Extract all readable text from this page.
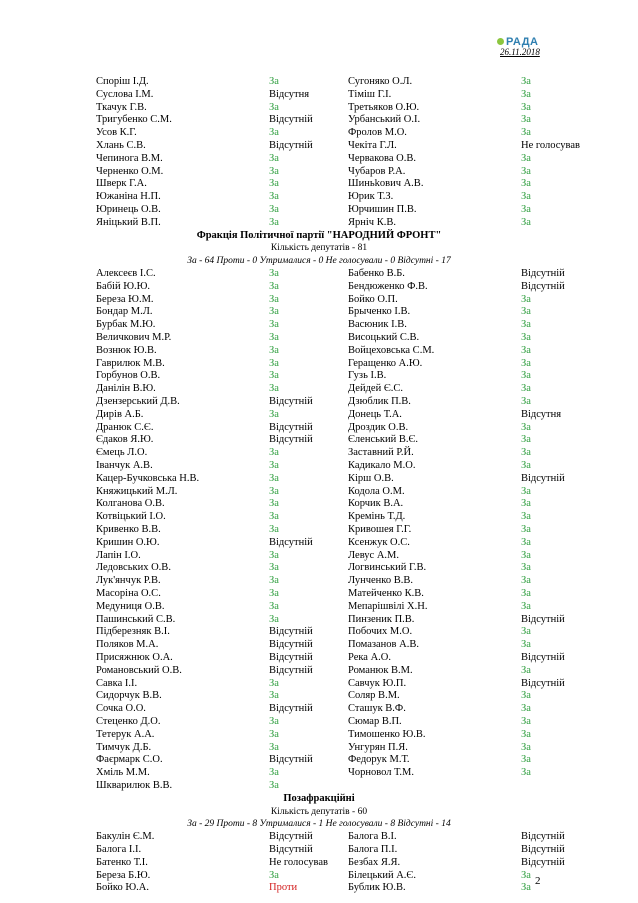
РАДА
26.11.2018
Споріш І.Д.	За	Сугоняко О.Л.	За
Суслова І.М.	Відсутня	Тіміш Г.І.	За
Ткачук Г.В.	За	Третьяков О.Ю.	За
Тригубенко С.М.	Відсутній	Урбанський О.І.	За
Усов К.Г.	За	Фролов М.О.	За
Хлань С.В.	Відсутній	Чекіта Г.Л.	Не голосував
Чепинога В.М.	За	Червакова О.В.	За
Черненко О.М.	За	Чубаров Р.А.	За
Шверк Г.А.	За	Шиньkович А.В.	За
Южаніна Н.П.	За	Юрик Т.З.	За
Юринець О.В.	За	Юрчишин П.В.	За
Яніцький В.П.	За	Ярніч К.В.	За
Фракція Політичної партії "НАРОДНИЙ ФРОНТ"
Кількість депутатів - 81
За - 64 Проти - 0 Утрималися - 0 Не голосували - 0 Відсутні - 17
Алексеєв І.С.	За	Бабенко В.Б.	Відсутній
Бабій Ю.Ю.	За	Бендюженко Ф.В.	Відсутній
Береза Ю.М.	За	Бойко О.П.	За
Бондар М.Л.	За	Брыченко І.В.	За
Бурбак М.Ю.	За	Васюник І.В.	За
Величкович М.Р.	За	Висоцький С.В.	За
Вознюк Ю.В.	За	Войцеховська С.М.	За
Гаврилюк М.В.	За	Геращенко А.Ю.	За
Горбунов О.В.	За	Гузь І.В.	За
Данілін В.Ю.	За	Дейдей Є.С.	За
Дзензерський Д.В.	Відсутній	Дзюблик П.В.	За
Дирів А.Б.	За	Донець Т.А.	Відсутня
Дранюк С.Є.	Відсутній	Дроздик О.В.	За
Єдаков Я.Ю.	Відсутній	Єленський В.Є.	За
Ємець Л.О.	За	Заставний Р.Й.	За
Іванчук А.В.	За	Кадикало М.О.	За
Кацер-Бучковська Н.В.	За	Кірш О.В.	Відсутній
Княжицький М.Л.	За	Кодола О.М.	За
Колганова О.В.	За	Корчик В.А.	За
Котвіцький І.О.	За	Кремінь Т.Д.	За
Кривенко В.В.	За	Кривошея Г.Г.	За
Кришин О.Ю.	Відсутній	Ксенжук О.С.	За
Лапін І.О.	За	Левус А.М.	За
Ледовських О.В.	За	Логвинський Г.В.	За
Лук'янчук Р.В.	За	Лунченко В.В.	За
Масоріна О.С.	За	Матейченко К.В.	За
Медуниця О.В.	За	Мепарішвілі Х.Н.	За
Пашинський С.В.	За	Пинзеник П.В.	Відсутній
Підберезняк В.І.	Відсутній	Побочих М.О.	За
Поляков М.А.	Відсутній	Помазанов А.В.	За
Присяжнюк О.А.	Відсутній	Река А.О.	Відсутній
Романовський О.В.	Відсутній	Романюк В.М.	За
Савка І.І.	За	Савчук Ю.П.	Відсутній
Сидорчук В.В.	За	Соляр В.М.	За
Сочка О.О.	Відсутній	Сташук В.Ф.	За
Стеценко Д.О.	За	Сюмар В.П.	За
Тетерук А.А.	За	Тимошенко Ю.В.	За
Тимчук Д.Б.	За	Унгурян П.Я.	За
Фаєрмарк С.О.	Відсутній	Федорук М.Т.	За
Хміль М.М.	За	Чорновол Т.М.	За
Шкварилюк В.В.	За
Позафракційні
Кількість депутатів - 60
За - 29 Проти - 8 Утрималися - 1 Не голосували - 8 Відсутні - 14
Бакулін Є.М.	Відсутній	Балога В.І.	Відсутній
Балога І.І.	Відсутній	Балога П.І.	Відсутній
Батенко Т.І.	Не голосував Безбах Я.Я.	Відсутній
Береза Б.Ю.	За	Білецький А.Є.	За
Бойко Ю.А.	Проти	Бублик Ю.В.	За
2
